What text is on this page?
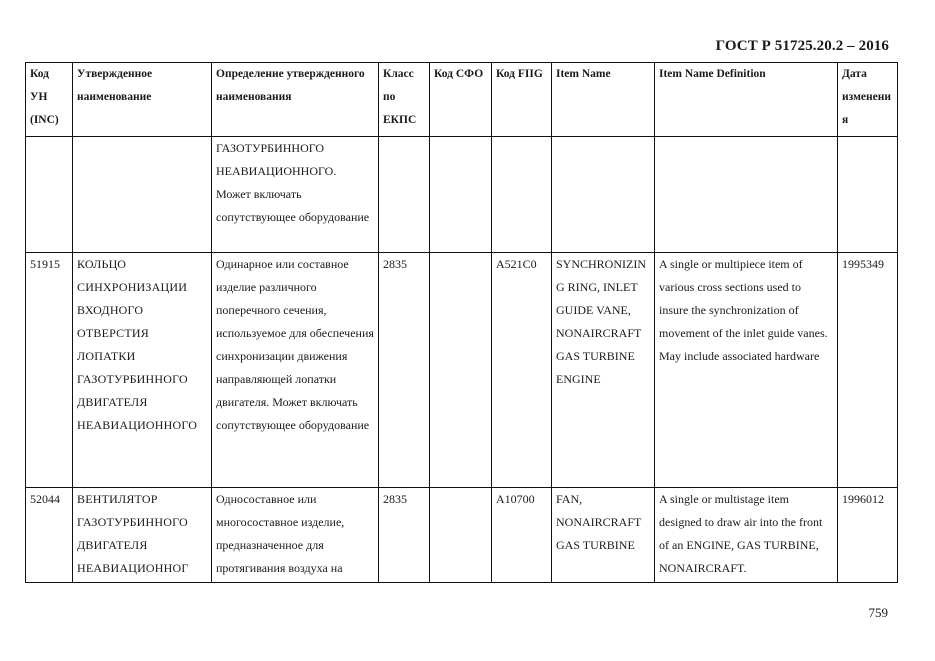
ГОСТ Р 51725.20.2 – 2016
Код УН (INC)	Утвержденное наименование	Определение утвержденного наименования	Класс по ЕКПС	Код СФО	Код FIIG	Item Name	Item Name Definition	Дата изменения
		ГАЗОТУРБИННОГО НЕАВИАЦИОННОГО. Может включать сопутствующее оборудование						
51915	КОЛЬЦО СИНХРОНИЗАЦИИ ВХОДНОГО ОТВЕРСТИЯ ЛОПАТКИ ГАЗОТУРБИННОГО ДВИГАТЕЛЯ НЕАВИАЦИОННОГО	Одинарное или составное изделие различного поперечного сечения, используемое для обеспечения синхронизации движения направляющей лопатки двигателя. Может включать сопутствующее оборудование	2835		A521C0	SYNCHRONIZING RING, INLET GUIDE VANE, NONAIRCRAFT GAS TURBINE ENGINE	A single or multipiece item of various cross sections used to insure the synchronization of movement of the inlet guide vanes. May include associated hardware	1995349
52044	ВЕНТИЛЯТОР ГАЗОТУРБИННОГО ДВИГАТЕЛЯ НЕАВИАЦИОННОГ	Односоставное или многосоставное изделие, предназначенное для протягивания воздуха на	2835		A10700	FAN, NONAIRCRAFT GAS TURBINE	A single or multistage item designed to draw air into the front of an ENGINE, GAS TURBINE, NONAIRCRAFT.	1996012
759
